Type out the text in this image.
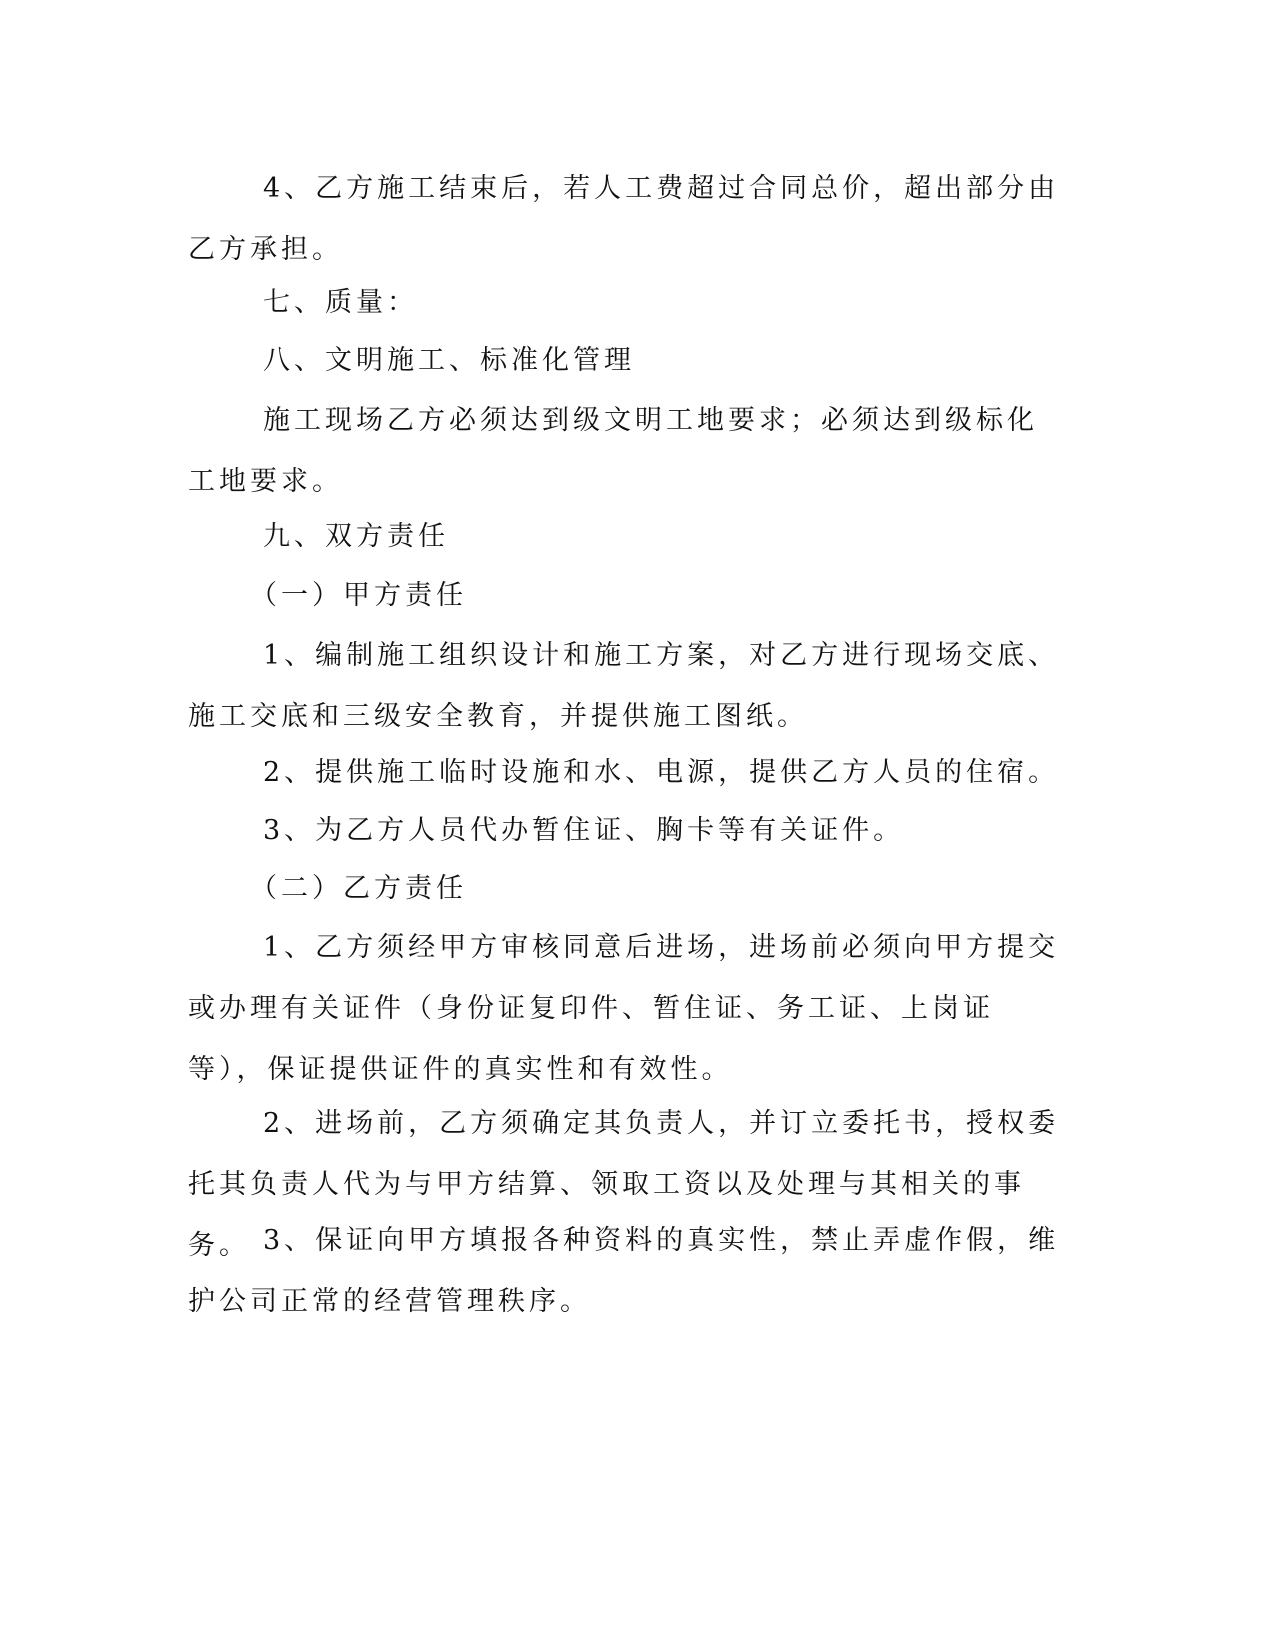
4、乙方施工结束后，若人工费超过合同总价，超出部分由乙方承担。

七、质量：

八、文明施工、标准化管理

施工现场乙方必须达到级文明工地要求；必须达到级标化工地要求。

九、双方责任

（一）甲方责任

1、编制施工组织设计和施工方案，对乙方进行现场交底、施工交底和三级安全教育，并提供施工图纸。

2、提供施工临时设施和水、电源，提供乙方人员的住宿。

3、为乙方人员代办暂住证、胸卡等有关证件。

（二）乙方责任

1、乙方须经甲方审核同意后进场，进场前必须向甲方提交或办理有关证件（身份证复印件、暂住证、务工证、上岗证等），保证提供证件的真实性和有效性。

2、进场前，乙方须确定其负责人，并订立委托书，授权委托其负责人代为与甲方结算、领取工资以及处理与其相关的事务。 3、保证向甲方填报各种资料的真实性，禁止弄虚作假，维护公司正常的经营管理秩序。
